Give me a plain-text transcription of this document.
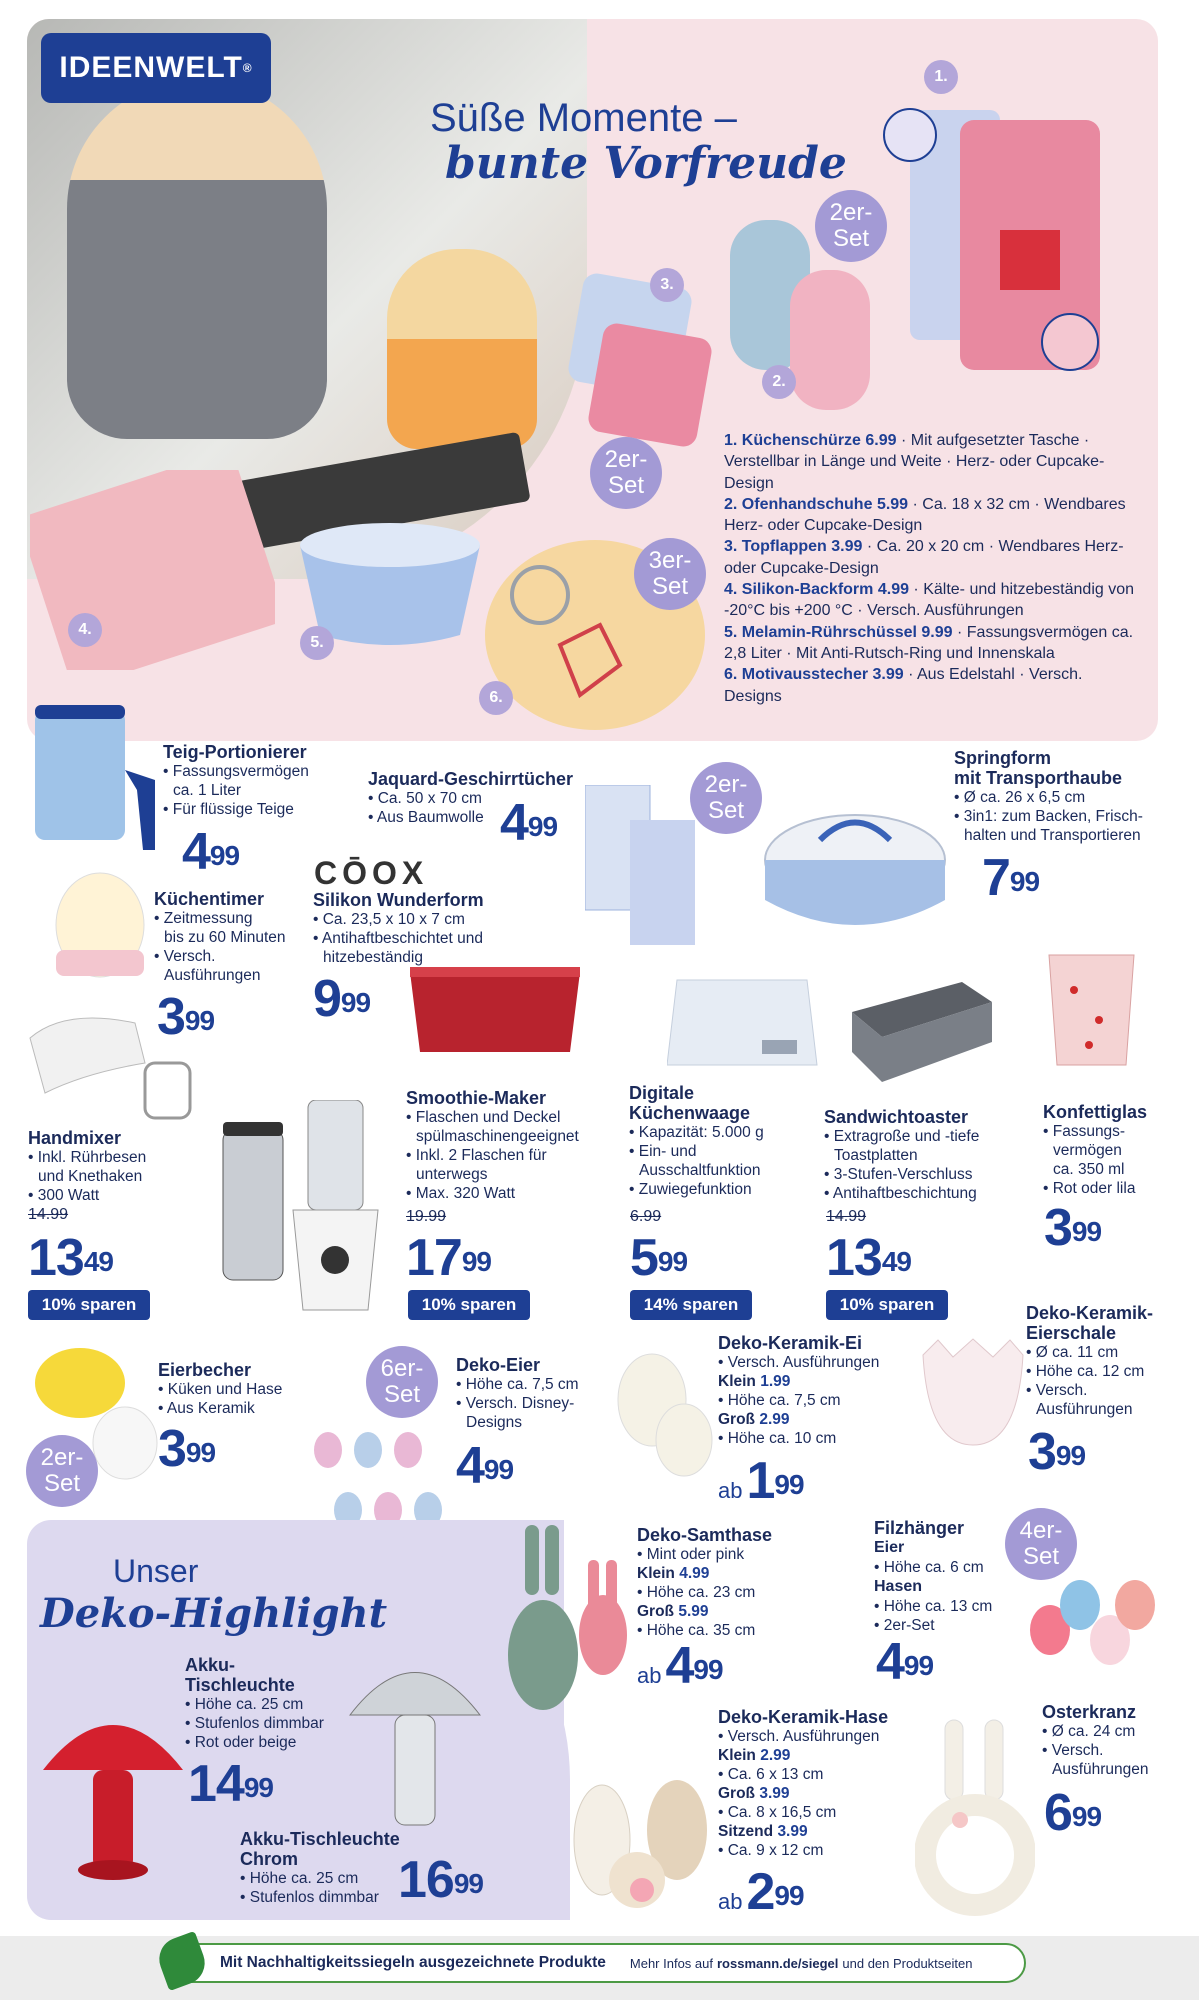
IDEENWELT ®
Süße Momente –
bunte Vorfreude
1.
2.
3.
4.
5.
6.
2er-
Set
2er-
Set
3er-
Set
1. Küchenschürze 6.99 · Mit aufgesetzter Tasche · Verstellbar in Länge und Weite · Herz- oder Cupcake-Design
2. Ofenhandschuhe 5.99 · Ca. 18 x 32 cm · Wendbares Herz- oder Cupcake-Design
3. Topflappen 3.99 · Ca. 20 x 20 cm · Wendbares Herz- oder Cupcake-Design
4. Silikon-Backform 4.99 · Kälte- und hitzebeständig von -20°C bis +200 °C · Versch. Ausführungen
5. Melamin-Rührschüssel 9.99 · Fassungsvermögen ca. 2,8 Liter · Mit Anti-Rutsch-Ring und Innenskala
6. Motivausstecher 3.99 · Aus Edelstahl · Versch. Designs
Teig-Portionierer
• Fassungsvermögen
ca. 1 Liter
• Für flüssige Teige
$4^{99}$
Jaquard-Geschirrtücher
• Ca. 50 x 70 cm
• Aus Baumwolle $4^{99}$
2er-
Set
Springform
mit Transporthaube
• Ø ca. 26 x 6,5 cm
• 3in1: zum Backen, Frisch-
halten und Transportieren
$7^{99}$
Küchentimer
• Zeitmessung
bis zu 60 Minuten
• Versch.
Ausführungen
$3^{99}$
CŌOX
Silikon Wunderform
• Ca. 23,5 x 10 x 7 cm
• Antihaftbeschichtet und
hitzebeständig
$9^{99}$
Handmixer
• Inkl. Rührbesen
und Knethaken
• 300 Watt
14.99
$13^{49}$
10% sparen
Smoothie-Maker
• Flaschen und Deckel
spülmaschinengeeignet
• Inkl. 2 Flaschen für
unterwegs
• Max. 320 Watt
19.99
$17^{99}$
10% sparen
Digitale
Küchenwaage
• Kapazität: 5.000 g
• Ein- und
Ausschaltfunktion
• Zuwiegefunktion
6.99
$5^{99}$
14% sparen
Sandwichtoaster
• Extragroße und -tiefe
Toastplatten
• 3-Stufen-Verschluss
• Antihaftbeschichtung
14.99
$13^{49}$
10% sparen
Konfettiglas
• Fassungs-
vermögen
ca. 350 ml
• Rot oder lila
$3^{99}$
2er-
Set
Eierbecher
• Küken und Hase
• Aus Keramik
$3^{99}$
6er-
Set
Deko-Eier
• Höhe ca. 7,5 cm
• Versch. Disney-
Designs
$4^{99}$
Deko-Keramik-Ei
• Versch. Ausführungen
Klein 1.99
• Höhe ca. 7,5 cm
Groß 2.99
• Höhe ca. 10 cm
$ab1^{99}$
Deko-Keramik-
Eierschale
• Ø ca. 11 cm
• Höhe ca. 12 cm
• Versch.
Ausführungen
$3^{99}$
Unser
Deko-Highlight
Akku-
Tischleuchte
• Höhe ca. 25 cm
• Stufenlos dimmbar
• Rot oder beige
$14^{99}$
Akku-Tischleuchte
Chrom
• Höhe ca. 25 cm
• Stufenlos dimmbar $16^{99}$
Deko-Samthase
• Mint oder pink
Klein 4.99
• Höhe ca. 23 cm
Groß 5.99
• Höhe ca. 35 cm
$ab4^{99}$
Filzhänger
Eier
• Höhe ca. 6 cm
Hasen
• Höhe ca. 13 cm
• 2er-Set
$4^{99}$
4er-
Set
Deko-Keramik-Hase
• Versch. Ausführungen
Klein 2.99
• Ca. 6 x 13 cm
Groß 3.99
• Ca. 8 x 16,5 cm
Sitzend 3.99
• Ca. 9 x 12 cm
$ab2^{99}$
Osterkranz
• Ø ca. 24 cm
• Versch.
Ausführungen
$6^{99}$
Mit Nachhaltigkeitssiegeln ausgezeichnete Produkte Mehr Infos auf rossmann.de/siegel und den Produktseiten
